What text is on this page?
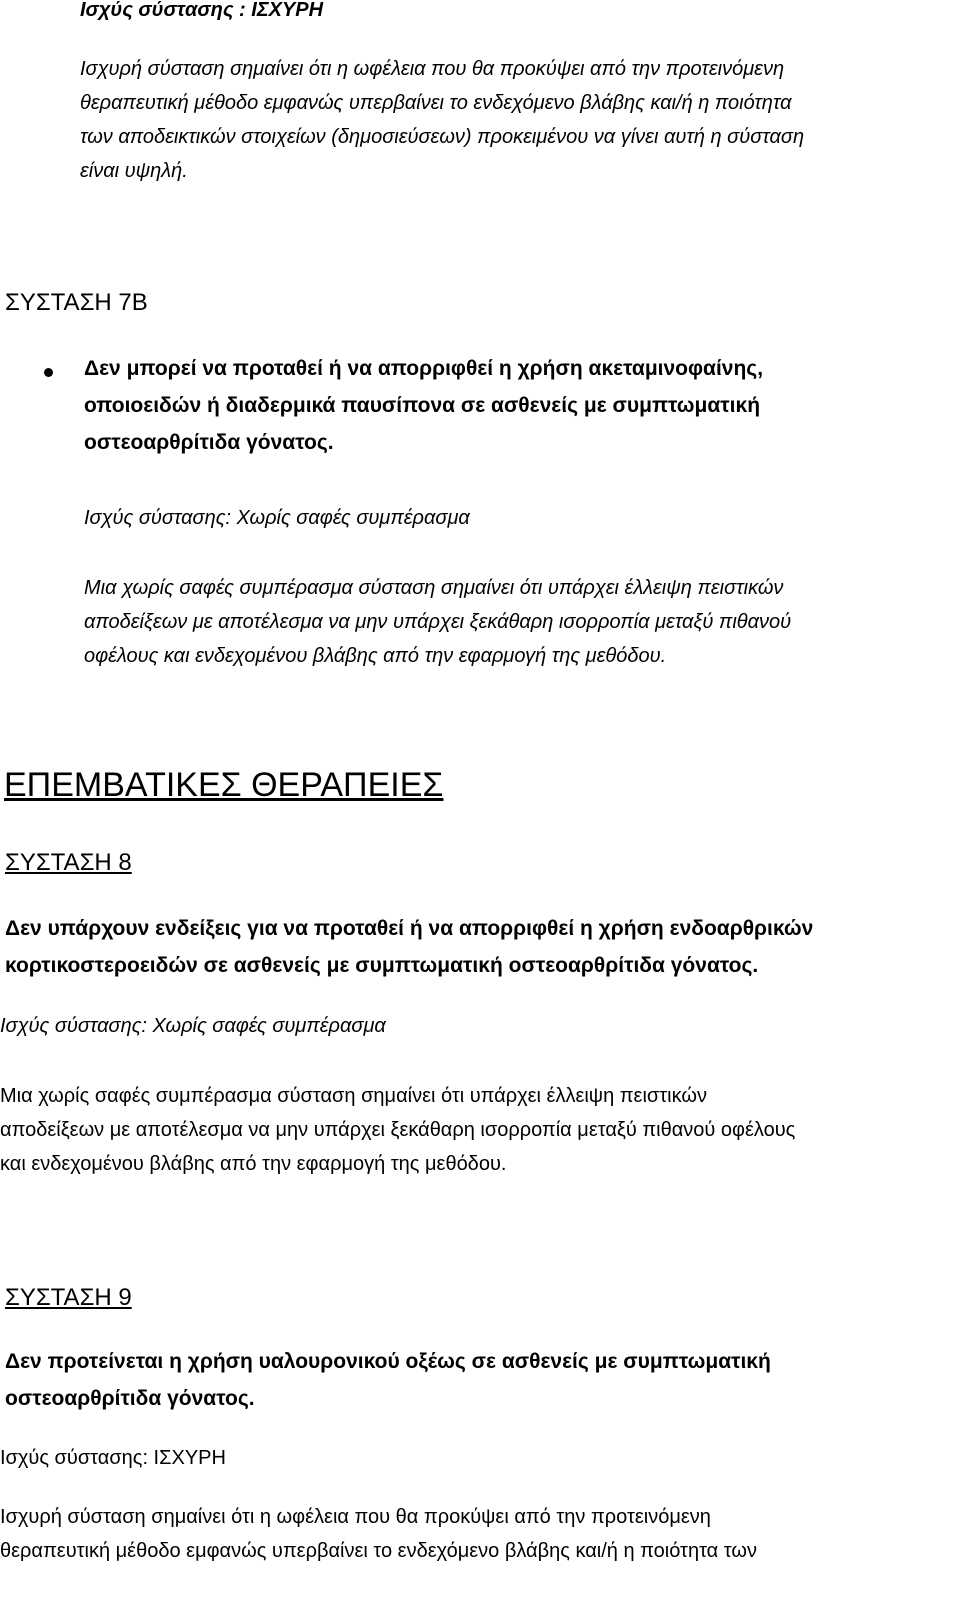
Ισχύς σύστασης : ΙΣΧΥΡΗ

Ισχυρή σύσταση σημαίνει ότι η ωφέλεια που θα προκύψει από την προτεινόμενη
θεραπευτική μέθοδο εμφανώς υπερβαίνει το ενδεχόμενο βλάβης και/ή η ποιότητα
των αποδεικτικών στοιχείων (δημοσιεύσεων) προκειμένου να γίνει αυτή η σύσταση
είναι υψηλή.
ΣΥΣΤΑΣΗ 7Β
Δεν μπορεί να προταθεί ή να απορριφθεί η χρήση ακεταμινοφαίνης,
οποιοειδών ή διαδερμικά παυσίπονα σε ασθενείς με συμπτωματική
οστεοαρθρίτιδα γόνατος.

Ισχύς σύστασης: Χωρίς σαφές συμπέρασμα

Μια χωρίς σαφές συμπέρασμα σύσταση σημαίνει ότι υπάρχει έλλειψη πειστικών
αποδείξεων με αποτέλεσμα να μην υπάρχει ξεκάθαρη ισορροπία μεταξύ πιθανού
οφέλους και ενδεχομένου βλάβης από την εφαρμογή της μεθόδου.
ΕΠΕΜΒΑΤΙΚΕΣ ΘΕΡΑΠΕΙΕΣ
ΣΥΣΤΑΣΗ 8
Δεν υπάρχουν ενδείξεις για να προταθεί ή να απορριφθεί η χρήση ενδοαρθρικών
κορτικοστεροειδών σε ασθενείς με συμπτωματική οστεοαρθρίτιδα γόνατος.

Ισχύς σύστασης: Χωρίς σαφές συμπέρασμα

Μια χωρίς σαφές συμπέρασμα σύσταση σημαίνει ότι υπάρχει έλλειψη πειστικών
αποδείξεων με αποτέλεσμα να μην υπάρχει ξεκάθαρη ισορροπία μεταξύ πιθανού οφέλους
και ενδεχομένου βλάβης από την εφαρμογή της μεθόδου.
ΣΥΣΤΑΣΗ 9
Δεν προτείνεται η χρήση υαλουρονικού οξέως σε ασθενείς με συμπτωματική
οστεοαρθρίτιδα γόνατος.

Ισχύς σύστασης: ΙΣΧΥΡΗ

Ισχυρή σύσταση σημαίνει ότι η ωφέλεια που θα προκύψει από την προτεινόμενη
θεραπευτική μέθοδο εμφανώς υπερβαίνει το ενδεχόμενο βλάβης και/ή η ποιότητα των
